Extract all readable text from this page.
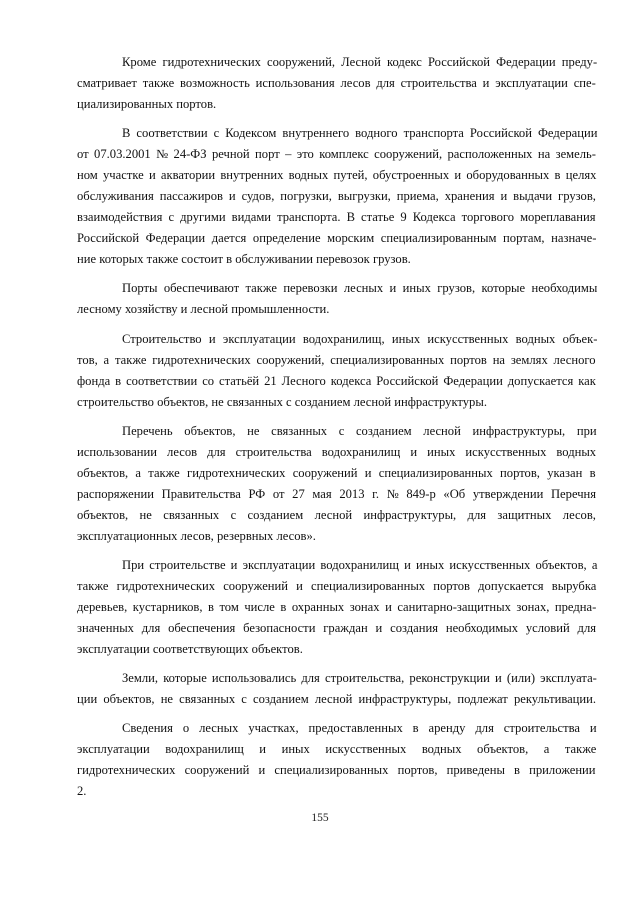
Кроме гидротехнических сооружений, Лесной кодекс Российской Федерации преду-
сматривает также возможность использования лесов для строительства и эксплуатации спе-
циализированных портов.
В соответствии с Кодексом внутреннего водного транспорта Российской Федерации
от 07.03.2001 № 24-ФЗ речной порт – это комплекс сооружений, расположенных на земель-
ном участке и акватории внутренних водных путей, обустроенных и оборудованных в целях
обслуживания пассажиров и судов, погрузки, выгрузки, приема, хранения и выдачи грузов,
взаимодействия с другими видами транспорта. В статье 9 Кодекса торгового мореплавания
Российской Федерации дается определение морским специализированным портам, назначе-
ние которых также состоит в обслуживании перевозок грузов.
Порты обеспечивают также перевозки лесных и иных грузов, которые необходимы
лесному хозяйству и лесной промышленности.
Строительство и эксплуатации водохранилищ, иных искусственных водных объек-
тов, а также гидротехнических сооружений, специализированных портов на землях лесного
фонда в соответствии со статьёй 21 Лесного кодекса Российской Федерации допускается как
строительство объектов, не связанных с созданием лесной инфраструктуры.
Перечень объектов, не связанных с созданием лесной инфраструктуры, при
использовании лесов для строительства водохранилищ и иных искусственных водных
объектов, а также гидротехнических сооружений и специализированных портов, указан в
распоряжении Правительства РФ от 27 мая 2013 г. № 849-р «Об утверждении Перечня
объектов, не связанных с созданием лесной инфраструктуры, для защитных лесов,
эксплуатационных лесов, резервных лесов».
При строительстве и эксплуатации водохранилищ и иных искусственных объектов, а
также гидротехнических сооружений и специализированных портов допускается вырубка
деревьев, кустарников, в том числе в охранных зонах и санитарно-защитных зонах, предна-
значенных для обеспечения безопасности граждан и создания необходимых условий для
эксплуатации соответствующих объектов.
Земли, которые использовались для строительства, реконструкции и (или) эксплуата-
ции объектов, не связанных с созданием лесной инфраструктуры, подлежат рекультивации.
Сведения о лесных участках, предоставленных в аренду для строительства и
эксплуатации водохранилищ и иных искусственных водных объектов, а также
гидротехнических сооружений и специализированных портов, приведены в приложении
2.
155
